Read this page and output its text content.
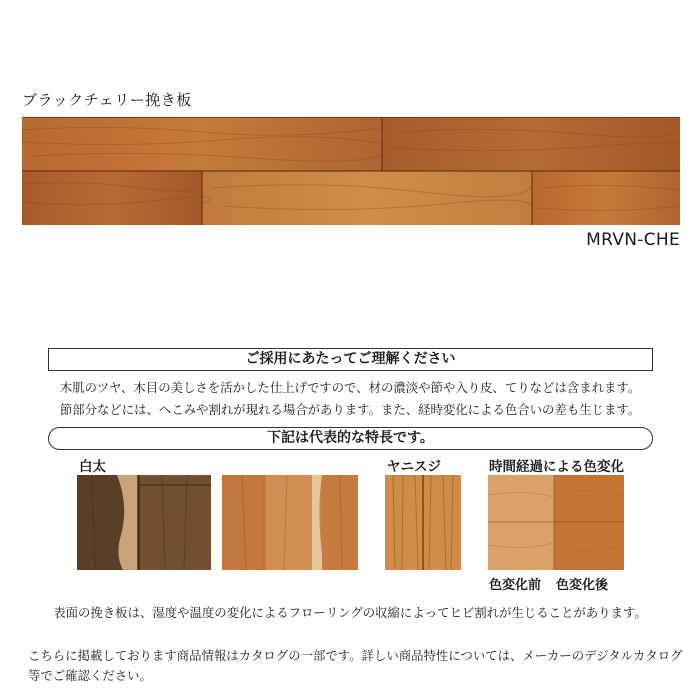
ブラックチェリー挽き板
MRVN-CHE
ご採用にあたってご理解ください
木肌のツヤ、木目の美しさを活かした仕上げですので、材の濃淡や節や入り皮、てりなどは含まれます。
節部分などには、へこみや割れが現れる場合があります。また、経時変化による色合いの差も生じます。
下記は代表的な特長です。
白太	ヤニスジ	時間経過による色変化
色変化前 色変化後
表面の挽き板は、湿度や温度の変化によるフローリングの収縮によってヒビ割れが生じることがあります。
こちらに掲載しております商品情報はカタログの一部です。詳しい商品特性については、メーカーのデジタルカタログ等でご確認ください。
